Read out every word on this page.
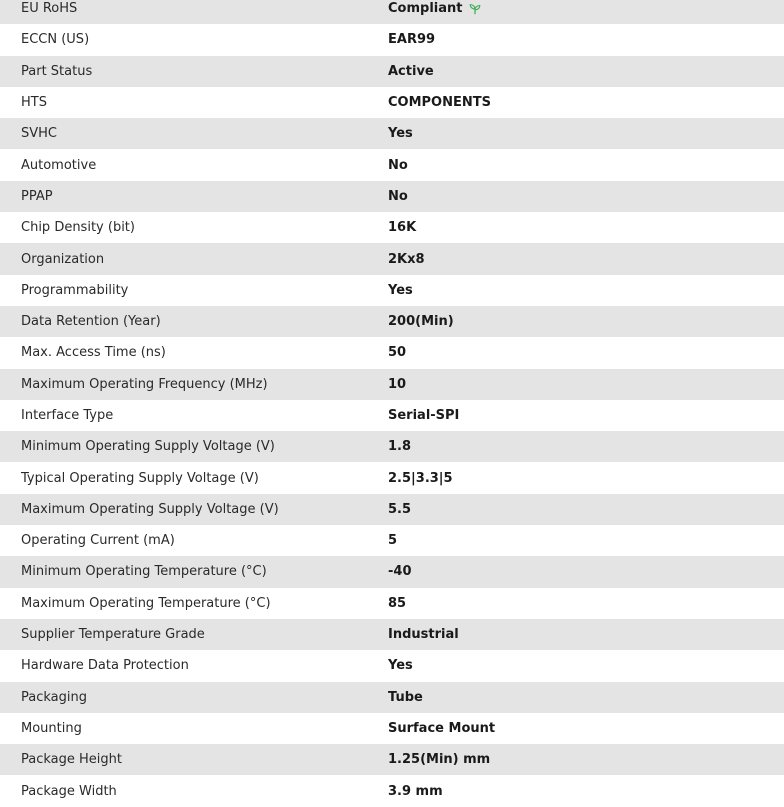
EU RoHS	Compliant
ECCN (US)	EAR99
Part Status	Active
HTS	COMPONENTS
SVHC	Yes
Automotive	No
PPAP	No
Chip Density (bit)	16K
Organization	2Kx8
Programmability	Yes
Data Retention (Year)	200(Min)
Max. Access Time (ns)	50
Maximum Operating Frequency (MHz)	10
Interface Type	Serial-SPI
Minimum Operating Supply Voltage (V)	1.8
Typical Operating Supply Voltage (V)	2.5|3.3|5
Maximum Operating Supply Voltage (V)	5.5
Operating Current (mA)	5
Minimum Operating Temperature (°C)	-40
Maximum Operating Temperature (°C)	85
Supplier Temperature Grade	Industrial
Hardware Data Protection	Yes
Packaging	Tube
Mounting	Surface Mount
Package Height	1.25(Min) mm
Package Width	3.9 mm
